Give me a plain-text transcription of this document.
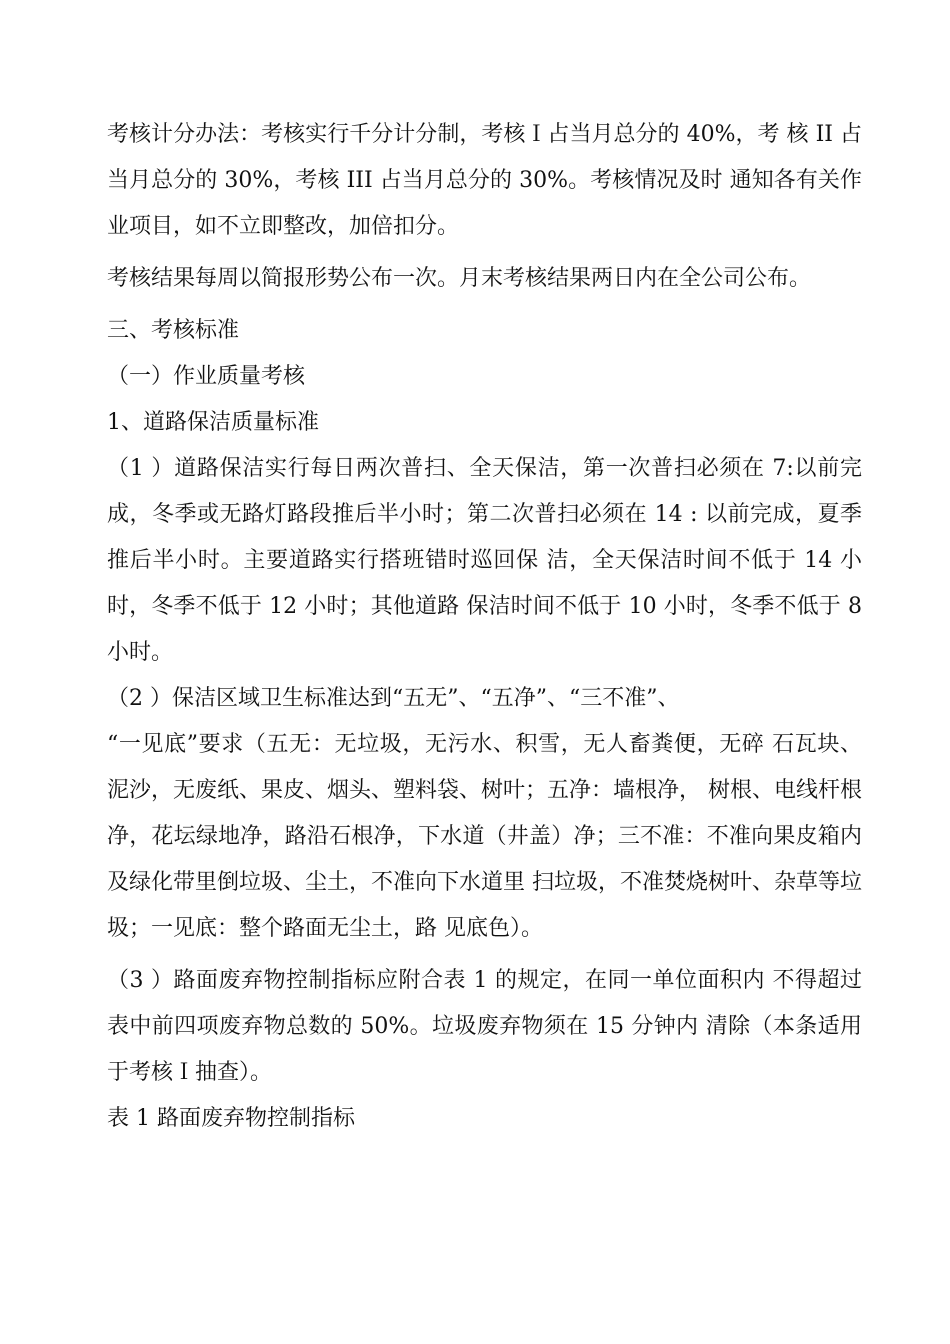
考核计分办法：考核实行千分计分制，考核Ｉ占当月总分的 40%，考 核 II 占当月总分的 30%，考核 III 占当月总分的 30%。考核情况及时 通知各有关作业项目，如不立即整改，加倍扣分。

考核结果每周以简报形势公布一次。月末考核结果两日内在全公司公布。

三、考核标准

（一）作业质量考核

1、道路保洁质量标准

（1 ）道路保洁实行每日两次普扫、全天保洁，第一次普扫必须在 7:以前完成，冬季或无路灯路段推后半小时；第二次普扫必须在 14 : 以前完成，夏季推后半小时。主要道路实行搭班错时巡回保 洁，全天保洁时间不低于 14 小时，冬季不低于 12 小时；其他道路 保洁时间不低于 10 小时，冬季不低于 8 小时。

（2 ）保洁区域卫生标准达到“五无”、“五净”、“三不准”、

“一见底”要求（五无：无垃圾，无污水、积雪，无人畜粪便，无碎 石瓦块、泥沙，无废纸、果皮、烟头、塑料袋、树叶；五净：墙根净， 树根、电线杆根净，花坛绿地净，路沿石根净，下水道（井盖）净；三不准：不准向果皮箱内及绿化带里倒垃圾、尘土，不准向下水道里 扫垃圾，不准焚烧树叶、杂草等垃圾；一见底：整个路面无尘土，路 见底色）。

（3 ）路面废弃物控制指标应附合表 1 的规定，在同一单位面积内 不得超过表中前四项废弃物总数的 50%。垃圾废弃物须在 15 分钟内 清除（本条适用于考核Ｉ抽查）。

表 1 路面废弃物控制指标
